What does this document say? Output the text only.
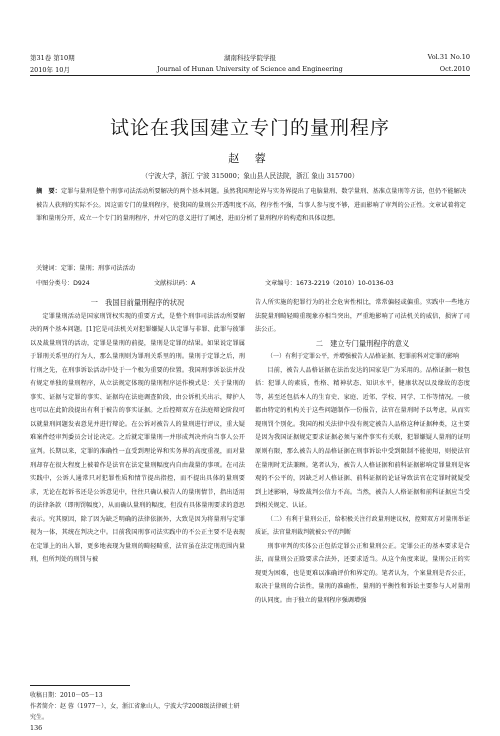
第31卷 第10期	湖南科技学院学报	Vol.31 No.10
2010年 10月	Journal of Hunan University of Science and Engineering	Oct.2010
试论在我国建立专门的量刑程序
赵 蓉
（宁波大学，浙江 宁波 315000；象山县人民法院，浙江 象山 315700）
摘　要：定罪与量刑是整个刑事司法活动所要解决的两个基本问题。虽然我国理论界与实务界提出了电脑量刑、数学量刑、基准点量刑等方法，但仍不能解决被告人获刑的实际不公。因这需专门的量刑程序，使我国的量刑公开透明度不高，程序性不强，当事人参与度不够，进而影响了审判的公正性。文章试着将定罪和量刑分开，成立一个专门的量刑程序，并对它的意义进行了阐述，进而分析了量刑程序的构造和具体设想。
关键词：定罪；量刑；刑事司法活动
中图分类号：D924	文献标识码：A	文章编号：1673-2219（2010）10-0136-03

一　我国目前量刑程序的状况

定罪量刑活动是国家刑罚权实现的重要方式，是整个刑事司法活动所要解决的两个基本问题。[1]它是司法机关对犯罪嫌疑人认定罪与非罪、此罪与彼罪以及裁量刑罚的活动，定罪是量刑的前提，量刑是定罪的结果。如果说定罪属于罪刑关系里的行为人，那么量刑则为罪刑关系里的刑。量刑于定罪之后，刑行刑之先，在刑事诉讼活动中处于一个极为重要的位置。我国刑事诉讼法并没有规定单独的量刑程序，从立法规定体现的量刑程序运作模式是：关于量刑的事实、证据与定罪的事实、证据均在法庭调查阶段，由公诉机关出示，辩护人也可以在此阶段提出有利于被告的事实证据。之后控辩双方在法庭辩论阶段可以就量刑问题发表意见并进行辩论。在公诉对被告人的量刑进行评议，重大疑难案件经审判委员会讨论决定。之后就定罪量刑一并形成判决并向当事人公开宣判。长期以来，定罪的准确性一直受到理论界和实务界的高度重视，而对量刑却存在很大程度上被着作是法官在法定量刑幅度内自由裁量的事项。在司法实践中，公诉人通常只对犯罪性质和情节提出指控，而不提出具体的量刑要求，无论在起诉书还是公诉意见中，往往只确认被告人的量刑情节，指出适用的法律条款（即刑罚幅度），从而确认量刑的幅度，但没有具体量刑要求的意思表示。究其原因，除了因为缺乏明确的法律依据外，大致是因为将量刑与定罪视为一体，其统在判决之中。目前我国刑事司法实践中的不公正主要不是表现在定罪上的出入罪，更多地表现为量刑的畸轻畸重，法官虽在法定刑范围内量刑，但所判处的刑罚与被

告人所实施的犯罪行为的社会危害性相比，常常偏轻或偏重。实践中一些地方法院量刑畸轻畸重现象亦相当突出，严重地影响了司法机关的威信，损害了司法公正。

二　建立专门量刑程序的意义

（一）有利于定罪公平，并增强被告人品格证据、犯罪前科对定罪的影响

目前，被告人品格证据在法治发达的国家是广为采用的。品格证据一般包括：犯罪人的素质，性格、精神状态、知识水平，健康状况以及缘故的态度等，甚至还包括本人的生育史、家庭、近邻、学校、同学、工作等情况。一般都由特定的机构关于这些问题制作一份报告，法官在量刑时予以考虑，从而实现刑罚个别化。我国的相关法律中没有规定被告人品格这种证据种类，这主要是因为我国证据规定要求证据必须与案件事实有关联，犯罪嫌疑人量刑的证明原则有限，那么被告人的品格证据在刑事诉讼中受到限制不能使用，则使法官在量刑时无法兼顾。笔者认为，被告人人格证据和前科证据影响定罪量刑是客观的不公平的，因缺乏对人格证据、前科证据的论证导致法官在定罪时就疑受到上述影响，导致裁判公信力不高。当然，被告人人格证据和前科证据应当受到相关规定、认证。

（二）有利于量刑公正，给积极关注行政量刑建议权，控辩双方对量刑举证质证，法官量刑裁判就被公平的判断

刑事审判的实体公正包括定罪公正和量刑公正。定罪公正的基本要求是合法，而量刑公正除要求合法外，还要求适当。从这个角度来说，量刑公正的实现更为困难，也是更难以准确评价和界定的。笔者认为，个案量刑是否公正，取决于量刑的合法性，量刑的准确性，量刑的平衡性和诉讼主要参与人对量刑的认同度。由于独立的量刑程序强调增强

收稿日期：2010－05－13
作者简介：赵 蓉（1977－），女，浙江省象山人，宁波大学2008级法律硕士研究生。
136
